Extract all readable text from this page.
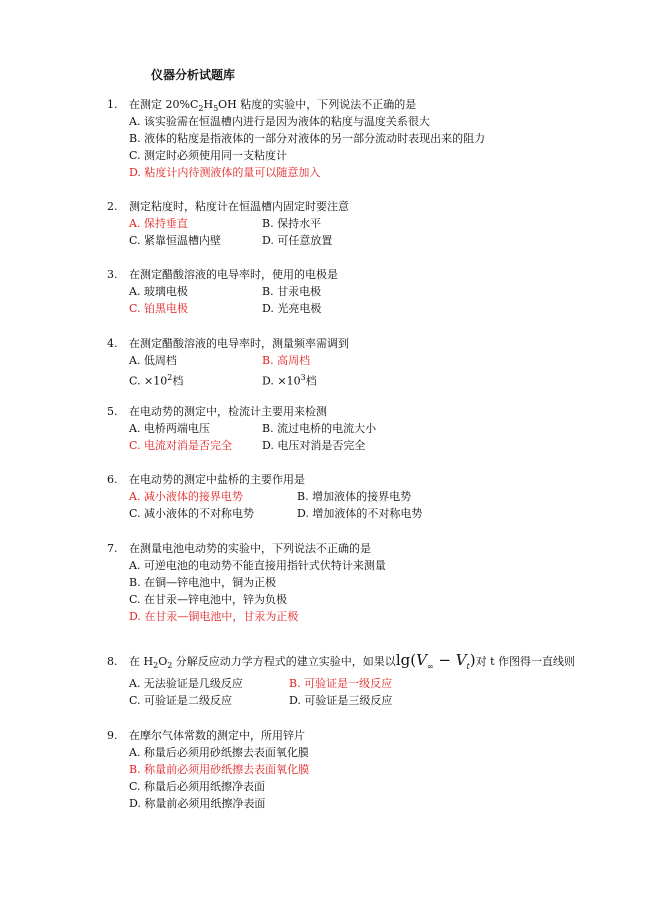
仪器分析试题库
1. 在测定 $20\%C_2H_5OH$ 粘度的实验中，下列说法不正确的是
A. 该实验需在恒温槽内进行是因为液体的粘度与温度关系很大
B. 液体的粘度是指液体的一部分对液体的另一部分流动时表现出来的阻力
C. 测定时必须使用同一支粘度计
D. 粘度计内待测液体的量可以随意加入
2. 测定粘度时，粘度计在恒温槽内固定时要注意
A. 保持垂直	B. 保持水平
C. 紧靠恒温槽内壁	D. 可任意放置
3. 在测定醋酸溶液的电导率时，使用的电极是
A. 玻璃电极	B. 甘汞电极
C. 铂黑电极	D. 光亮电极
4. 在测定醋酸溶液的电导率时，测量频率需调到
A. 低周档	B. 高周档
C. $\times 10^2$档	D. $\times 10^3$档
5. 在电动势的测定中，检流计主要用来检测
A. 电桥两端电压	B. 流过电桥的电流大小
C. 电流对消是否完全	D. 电压对消是否完全
6. 在电动势的测定中盐桥的主要作用是
A. 减小液体的接界电势	B. 增加液体的接界电势
C. 减小液体的不对称电势	D. 增加液体的不对称电势
7. 在测量电池电动势的实验中，下列说法不正确的是
A. 可逆电池的电动势不能直接用指针式伏特计来测量
B. 在铜—锌电池中，铜为正极
C. 在甘汞—锌电池中，锌为负极
D. 在甘汞—铜电池中，甘汞为正极
8. 在 $H_2O_2$ 分解反应动力学方程式的建立实验中，如果以$\lg(V_\infty - V_t)$对 t 作图得一直线则
A. 无法验证是几级反应	B. 可验证是一级反应
C. 可验证是二级反应	D. 可验证是三级反应
9. 在摩尔气体常数的测定中，所用锌片
A. 称量后必须用砂纸擦去表面氧化膜
B. 称量前必须用砂纸擦去表面氧化膜
C. 称量后必须用纸擦净表面
D. 称量前必须用纸擦净表面
